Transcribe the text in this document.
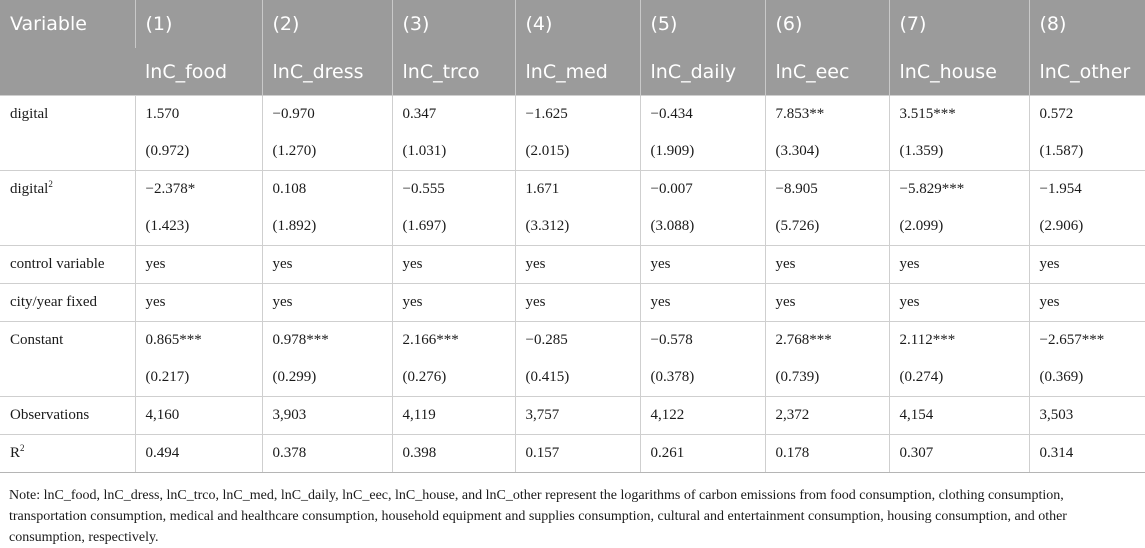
Variable	(1)	(2)	(3)	(4)	(5)	(6)	(7)	(8)
	lnC_food	lnC_dress	lnC_trco	lnC_med	lnC_daily	lnC_eec	lnC_house	lnC_other
digital	1.570	−0.970	0.347	−1.625	−0.434	7.853**	3.515***	0.572
	(0.972)	(1.270)	(1.031)	(2.015)	(1.909)	(3.304)	(1.359)	(1.587)
digital$^2$	−2.378*	0.108	−0.555	1.671	−0.007	−8.905	−5.829***	−1.954
	(1.423)	(1.892)	(1.697)	(3.312)	(3.088)	(5.726)	(2.099)	(2.906)
control variable	yes	yes	yes	yes	yes	yes	yes	yes
city/year fixed	yes	yes	yes	yes	yes	yes	yes	yes
Constant	0.865***	0.978***	2.166***	−0.285	−0.578	2.768***	2.112***	−2.657***
	(0.217)	(0.299)	(0.276)	(0.415)	(0.378)	(0.739)	(0.274)	(0.369)
Observations	4,160	3,903	4,119	3,757	4,122	2,372	4,154	3,503
$R^2$	0.494	0.378	0.398	0.157	0.261	0.178	0.307	0.314
Note: lnC_food, lnC_dress, lnC_trco, lnC_med, lnC_daily, lnC_eec, lnC_house, and lnC_other represent the logarithms of carbon emissions from food consumption, clothing consumption, transportation consumption, medical and healthcare consumption, household equipment and supplies consumption, cultural and entertainment consumption, housing consumption, and other consumption, respectively.
